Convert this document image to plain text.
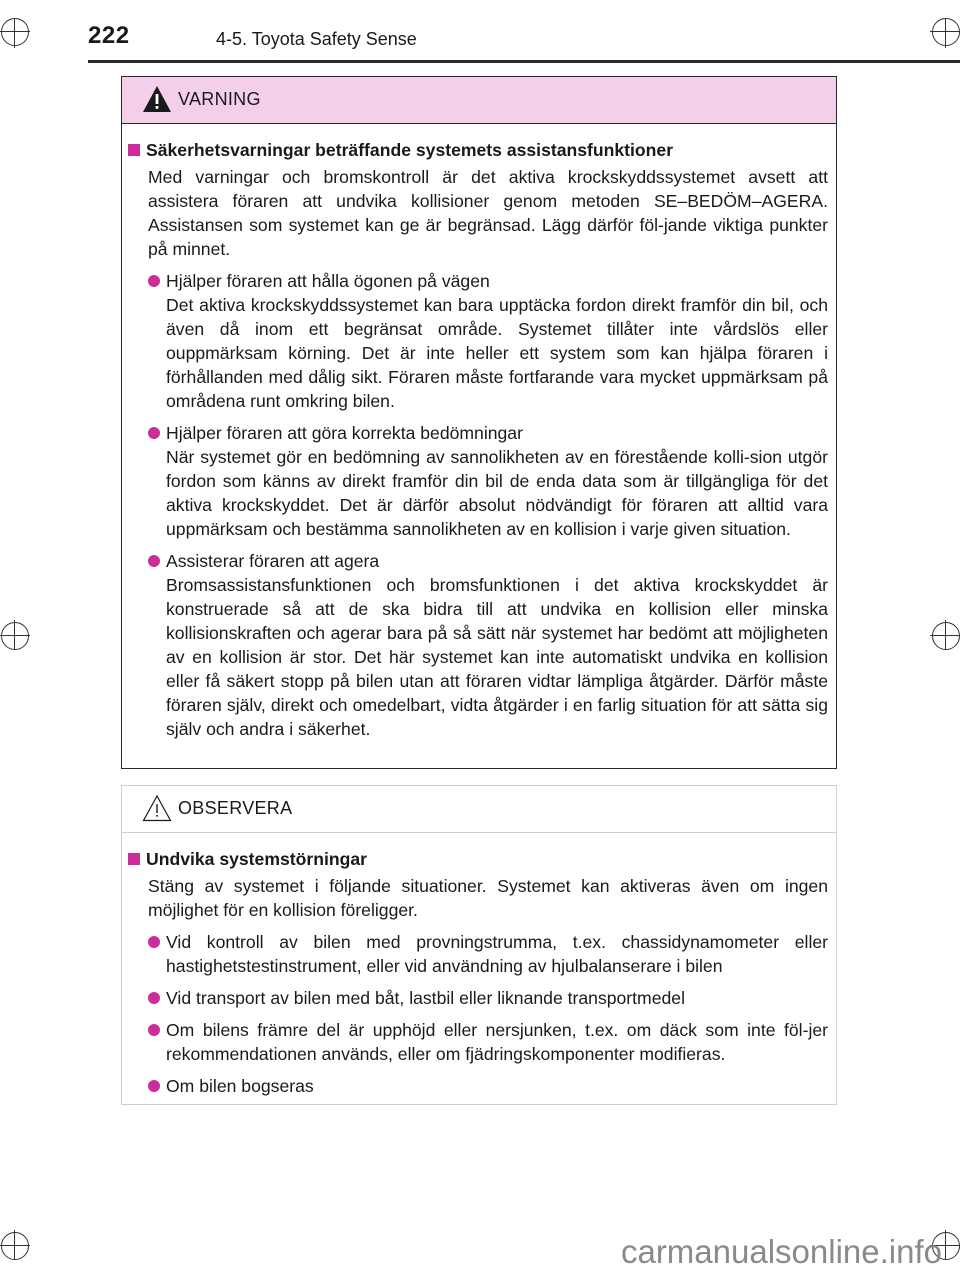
222	4-5. Toyota Safety Sense
VARNING
Säkerhetsvarningar beträffande systemets assistansfunktioner
Med varningar och bromskontroll är det aktiva krockskyddssystemet avsett att assistera föraren att undvika kollisioner genom metoden SE–BEDÖM–AGERA. Assistansen som systemet kan ge är begränsad. Lägg därför föl-jande viktiga punkter på minnet.
Hjälper föraren att hålla ögonen på vägen
Det aktiva krockskyddssystemet kan bara upptäcka fordon direkt framför din bil, och även då inom ett begränsat område. Systemet tillåter inte vårdslös eller ouppmärksam körning. Det är inte heller ett system som kan hjälpa föraren i förhållanden med dålig sikt. Föraren måste fortfarande vara mycket uppmärksam på områdena runt omkring bilen.
Hjälper föraren att göra korrekta bedömningar
När systemet gör en bedömning av sannolikheten av en förestående kolli-sion utgör fordon som känns av direkt framför din bil de enda data som är tillgängliga för det aktiva krockskyddet. Det är därför absolut nödvändigt för föraren att alltid vara uppmärksam och bestämma sannolikheten av en kollision i varje given situation.
Assisterar föraren att agera
Bromsassistansfunktionen och bromsfunktionen i det aktiva krockskyddet är konstruerade så att de ska bidra till att undvika en kollision eller minska kollisionskraften och agerar bara på så sätt när systemet har bedömt att möjligheten av en kollision är stor. Det här systemet kan inte automatiskt undvika en kollision eller få säkert stopp på bilen utan att föraren vidtar lämpliga åtgärder. Därför måste föraren själv, direkt och omedelbart, vidta åtgärder i en farlig situation för att sätta sig själv och andra i säkerhet.
OBSERVERA
Undvika systemstörningar
Stäng av systemet i följande situationer. Systemet kan aktiveras även om ingen möjlighet för en kollision föreligger.
Vid kontroll av bilen med provningstrumma, t.ex. chassidynamometer eller hastighetstestinstrument, eller vid användning av hjulbalanserare i bilen
Vid transport av bilen med båt, lastbil eller liknande transportmedel
Om bilens främre del är upphöjd eller nersjunken, t.ex. om däck som inte föl-jer rekommendationen används, eller om fjädringskomponenter modifieras.
Om bilen bogseras
carmanualsonline.info
